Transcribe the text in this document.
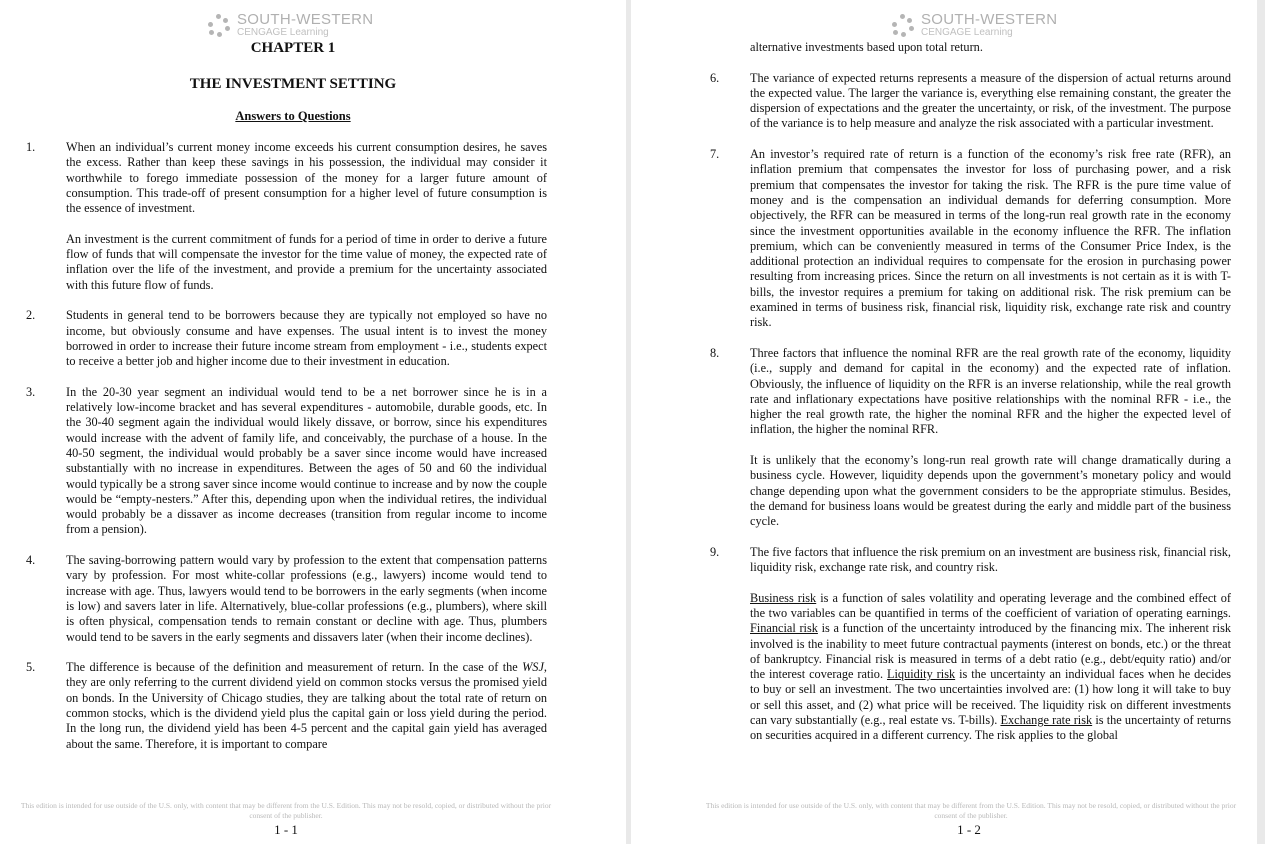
SOUTH-WESTERN
CENGAGE Learning
CHAPTER 1
THE INVESTMENT SETTING
Answers to Questions
1.	When an individual’s current money income exceeds his current consumption desires, he saves the excess. Rather than keep these savings in his possession, the individual may consider it worthwhile to forego immediate possession of the money for a larger future amount of consumption. This trade-off of present consumption for a higher level of future consumption is the essence of investment.

An investment is the current commitment of funds for a period of time in order to derive a future flow of funds that will compensate the investor for the time value of money, the expected rate of inflation over the life of the investment, and provide a premium for the uncertainty associated with this future flow of funds.

2.	Students in general tend to be borrowers because they are typically not employed so have no income, but obviously consume and have expenses. The usual intent is to invest the money borrowed in order to increase their future income stream from employment - i.e., students expect to receive a better job and higher income due to their investment in education.

3.	In the 20-30 year segment an individual would tend to be a net borrower since he is in a relatively low-income bracket and has several expenditures - automobile, durable goods, etc. In the 30-40 segment again the individual would likely dissave, or borrow, since his expenditures would increase with the advent of family life, and conceivably, the purchase of a house. In the 40-50 segment, the individual would probably be a saver since income would have increased substantially with no increase in expenditures. Between the ages of 50 and 60 the individual would typically be a strong saver since income would continue to increase and by now the couple would be “empty-nesters.” After this, depending upon when the individual retires, the individual would probably be a dissaver as income decreases (transition from regular income to income from a pension).

4.	The saving-borrowing pattern would vary by profession to the extent that compensation patterns vary by profession. For most white-collar professions (e.g., lawyers) income would tend to increase with age. Thus, lawyers would tend to be borrowers in the early segments (when income is low) and savers later in life. Alternatively, blue-collar professions (e.g., plumbers), where skill is often physical, compensation tends to remain constant or decline with age. Thus, plumbers would tend to be savers in the early segments and dissavers later (when their income declines).

5.	The difference is because of the definition and measurement of return. In the case of the WSJ, they are only referring to the current dividend yield on common stocks versus the promised yield on bonds. In the University of Chicago studies, they are talking about the total rate of return on common stocks, which is the dividend yield plus the capital gain or loss yield during the period. In the long run, the dividend yield has been 4-5 percent and the capital gain yield has averaged about the same. Therefore, it is important to compare

This edition is intended for use outside of the U.S. only, with content that may be different from the U.S. Edition. This may not be resold, copied, or distributed without the prior consent of the publisher.
1 - 1
SOUTH-WESTERN
CENGAGE Learning
alternative investments based upon total return.
6.	The variance of expected returns represents a measure of the dispersion of actual returns around the expected value. The larger the variance is, everything else remaining constant, the greater the dispersion of expectations and the greater the uncertainty, or risk, of the investment. The purpose of the variance is to help measure and analyze the risk associated with a particular investment.

7.	An investor’s required rate of return is a function of the economy’s risk free rate (RFR), an inflation premium that compensates the investor for loss of purchasing power, and a risk premium that compensates the investor for taking the risk. The RFR is the pure time value of money and is the compensation an individual demands for deferring consumption. More objectively, the RFR can be measured in terms of the long-run real growth rate in the economy since the investment opportunities available in the economy influence the RFR. The inflation premium, which can be conveniently measured in terms of the Consumer Price Index, is the additional protection an individual requires to compensate for the erosion in purchasing power resulting from increasing prices. Since the return on all investments is not certain as it is with T-bills, the investor requires a premium for taking on additional risk. The risk premium can be examined in terms of business risk, financial risk, liquidity risk, exchange rate risk and country risk.

8.	Three factors that influence the nominal RFR are the real growth rate of the economy, liquidity (i.e., supply and demand for capital in the economy) and the expected rate of inflation. Obviously, the influence of liquidity on the RFR is an inverse relationship, while the real growth rate and inflationary expectations have positive relationships with the nominal RFR - i.e., the higher the real growth rate, the higher the nominal RFR and the higher the expected level of inflation, the higher the nominal RFR.

It is unlikely that the economy’s long-run real growth rate will change dramatically during a business cycle. However, liquidity depends upon the government’s monetary policy and would change depending upon what the government considers to be the appropriate stimulus. Besides, the demand for business loans would be greatest during the early and middle part of the business cycle.

9.	The five factors that influence the risk premium on an investment are business risk, financial risk, liquidity risk, exchange rate risk, and country risk.

Business risk is a function of sales volatility and operating leverage and the combined effect of the two variables can be quantified in terms of the coefficient of variation of operating earnings. Financial risk is a function of the uncertainty introduced by the financing mix. The inherent risk involved is the inability to meet future contractual payments (interest on bonds, etc.) or the threat of bankruptcy. Financial risk is measured in terms of a debt ratio (e.g., debt/equity ratio) and/or the interest coverage ratio. Liquidity risk is the uncertainty an individual faces when he decides to buy or sell an investment. The two uncertainties involved are: (1) how long it will take to buy or sell this asset, and (2) what price will be received. The liquidity risk on different investments can vary substantially (e.g., real estate vs. T-bills). Exchange rate risk is the uncertainty of returns on securities acquired in a different currency. The risk applies to the global

This edition is intended for use outside of the U.S. only, with content that may be different from the U.S. Edition. This may not be resold, copied, or distributed without the prior consent of the publisher.
1 - 2
